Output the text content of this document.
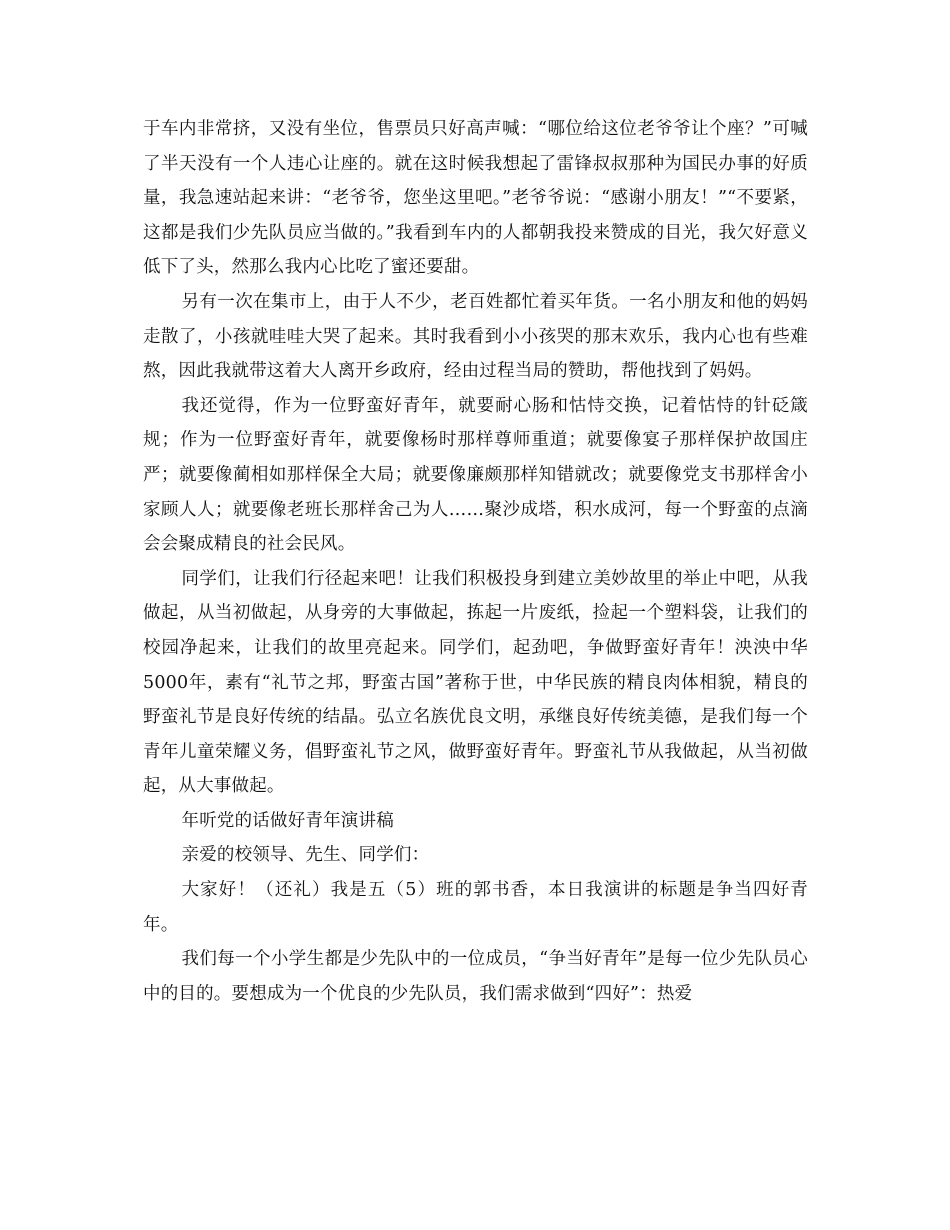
于车内非常挤，又没有坐位，售票员只好高声喊：“哪位给这位老爷爷让个座？”可喊了半天没有一个人违心让座的。就在这时候我想起了雷锋叔叔那种为国民办事的好质量，我急速站起来讲：“老爷爷，您坐这里吧。”老爷爷说：“感谢小朋友！”“不要紧，这都是我们少先队员应当做的。”我看到车内的人都朝我投来赞成的目光，我欠好意义低下了头，然那么我内心比吃了蜜还要甜。

另有一次在集市上，由于人不少，老百姓都忙着买年货。一名小朋友和他的妈妈走散了，小孩就哇哇大哭了起来。其时我看到小小孩哭的那末欢乐，我内心也有些难熬，因此我就带这着大人离开乡政府，经由过程当局的赞助，帮他找到了妈妈。

我还觉得，作为一位野蛮好青年，就要耐心肠和怙恃交换，记着怙恃的针砭箴规；作为一位野蛮好青年，就要像杨时那样尊师重道；就要像宴子那样保护故国庄严；就要像蔺相如那样保全大局；就要像廉颇那样知错就改；就要像党支书那样舍小家顾人人；就要像老班长那样舍己为人……聚沙成塔，积水成河，每一个野蛮的点滴会会聚成精良的社会民风。

同学们，让我们行径起来吧！让我们积极投身到建立美妙故里的举止中吧，从我做起，从当初做起，从身旁的大事做起，拣起一片废纸，捡起一个塑料袋，让我们的校园净起来，让我们的故里亮起来。同学们，起劲吧，争做野蛮好青年！泱泱中华5000年，素有“礼节之邦，野蛮古国”著称于世，中华民族的精良肉体相貌，精良的野蛮礼节是良好传统的结晶。弘立名族优良文明，承继良好传统美德，是我们每一个青年儿童荣耀义务，倡野蛮礼节之风，做野蛮好青年。野蛮礼节从我做起，从当初做起，从大事做起。

年听党的话做好青年演讲稿

亲爱的校领导、先生、同学们：

大家好！（还礼）我是五（5）班的郭书香，本日我演讲的标题是争当四好青年。

我们每一个小学生都是少先队中的一位成员，“争当好青年”是每一位少先队员心中的目的。要想成为一个优良的少先队员，我们需求做到“四好”：热爱
